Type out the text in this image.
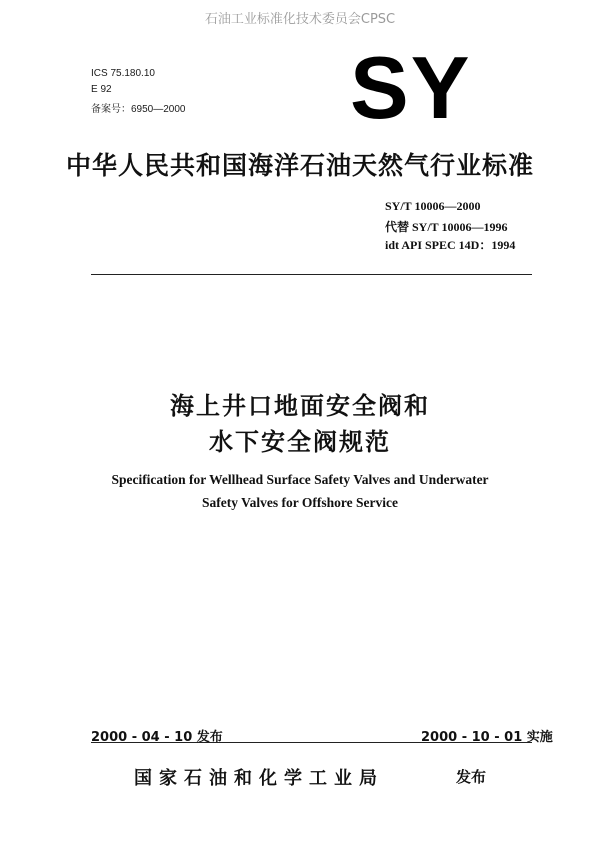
石油工业标准化技术委员会CPSC
ICS 75.180.10
E 92
备案号：6950—2000 SY
中华人民共和国海洋石油天然气行业标准
SY/T 10006—2000
代替 SY/T 10006—1996
idt API SPEC 14D：1994
海上井口地面安全阀和
水下安全阀规范
Specification for Wellhead Surface Safety Valves and Underwater
Safety Valves for Offshore Service
2000 - 04 - 10 发布	2000 - 10 - 01 实施
国家石油和化学工业局	发布
